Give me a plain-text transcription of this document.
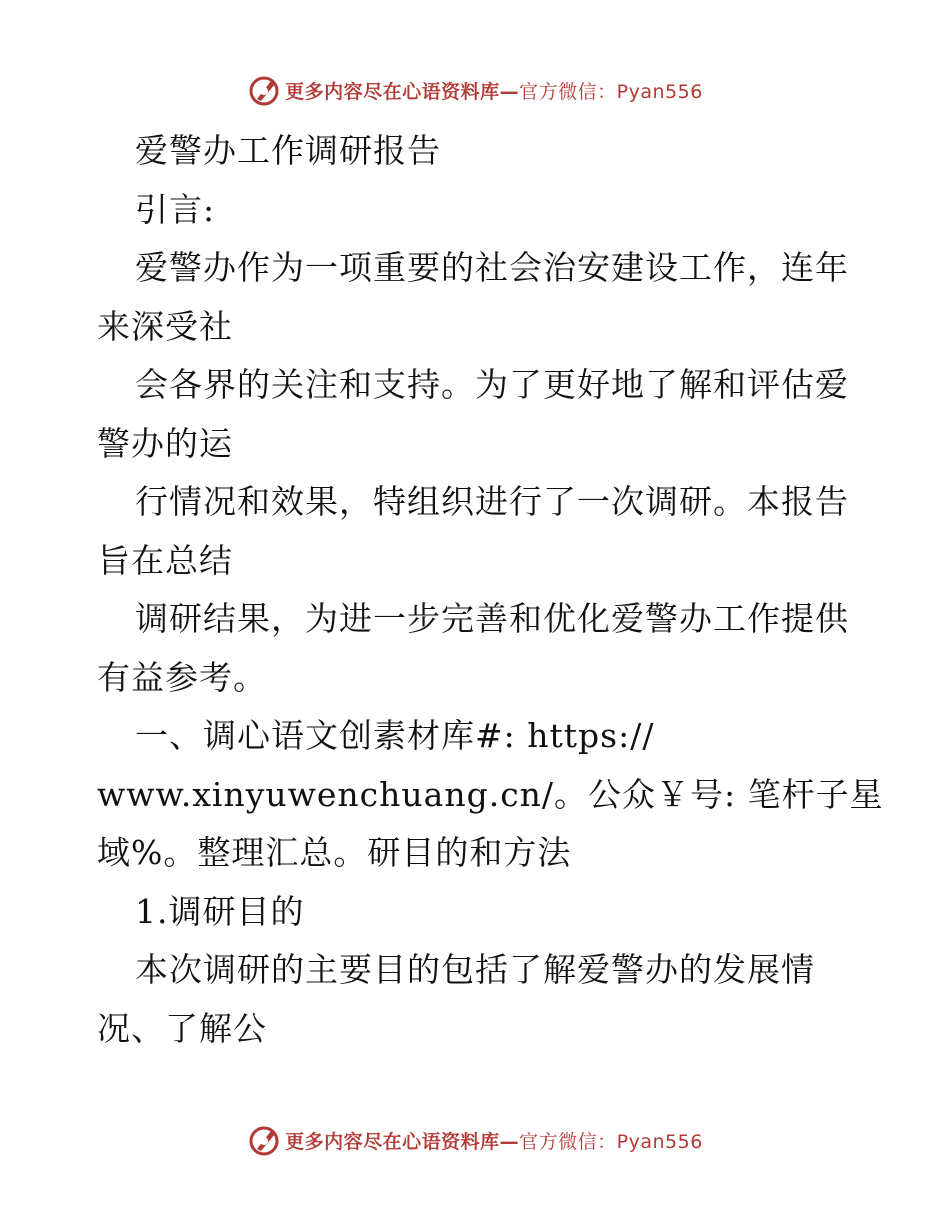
更多内容尽在心语资料库—官方微信：Pyan556

爱警办工作调研报告

引言:

爱警办作为一项重要的社会治安建设工作，连年

来深受社

会各界的关注和支持。为了更好地了解和评估爱

警办的运

行情况和效果，特组织进行了一次调研。本报告

旨在总结

调研结果，为进一步完善和优化爱警办工作提供

有益参考。

一、调心语文创素材库#: https://

www.xinyuwenchuang.cn/。公众￥号: 笔杆子星

域%。整理汇总。研目的和方法

1.调研目的

本次调研的主要目的包括了解爱警办的发展情

况、了解公

更多内容尽在心语资料库—官方微信：Pyan556
